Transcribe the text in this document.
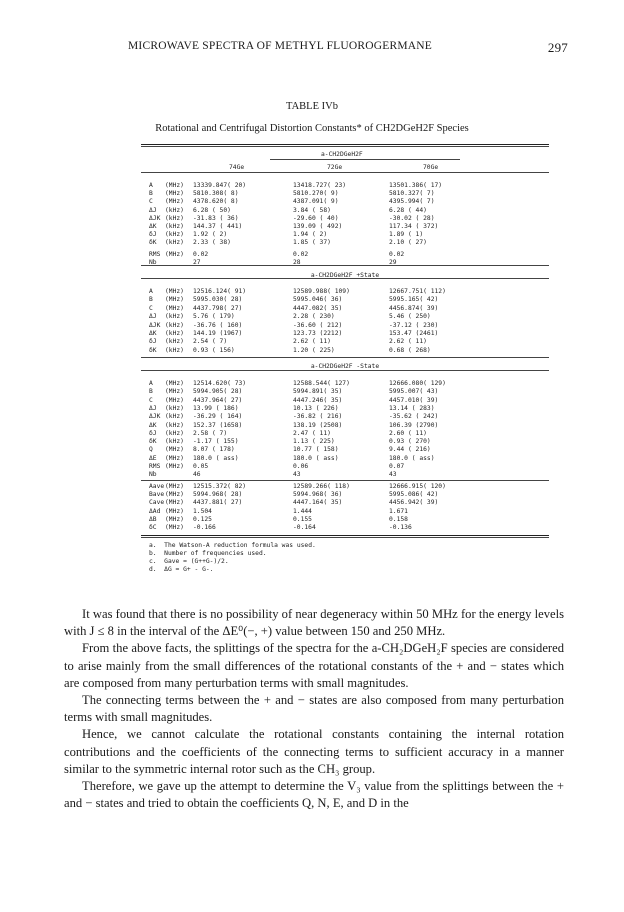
MICROWAVE SPECTRA OF METHYL FLUOROGERMANE	297
TABLE IVb
Rotational and Centrifugal Distortion Constants* of CH2DGeH2F Species
a-CH2DGeH2F
74Ge	72Ge	70Ge
A (MHz) 13339.847( 20)	13418.727( 23)	13501.386( 17)
B (MHz) 5810.308( 8)	5810.270( 9)	5810.327( 7)
C (MHz) 4378.620( 8)	4387.091( 9)	4395.994( 7)
ΔJ (kHz) 6.28 ( 50)	3.84 ( 58)	6.28 ( 44)
ΔJK (kHz) -31.83 ( 36)	-29.60 ( 40)	-30.02 ( 28)
ΔK (kHz) 144.37 ( 441)	139.09 ( 492)	117.34 ( 372)
δJ (kHz) 1.92 ( 2)	1.94 ( 2)	1.89 ( 1)
δK (kHz) 2.33 ( 38)	1.85 ( 37)	2.10 ( 27)
RMS (MHz) 0.02	0.02	0.02
Nb	27	28	29
a-CH2DGeH2F +State
A (MHz) 12516.124( 91)	12589.988( 109)	12667.751( 112)
B (MHz) 5995.030( 28)	5995.046( 36)	5995.165( 42)
C (MHz) 4437.798( 27)	4447.082( 35)	4456.874( 39)
ΔJ (kHz) 5.76 ( 179)	2.28 ( 230)	5.46 ( 250)
ΔJK (kHz) -36.76 ( 160)	-36.60 ( 212)	-37.12 ( 230)
ΔK (kHz) 144.19 (1967)	123.73 (2212)	153.47 (2461)
δJ (kHz) 2.54 ( 7)	2.62 ( 11)	2.62 ( 11)
δK (kHz) 0.93 ( 156)	1.20 ( 225)	0.68 ( 268)
a-CH2DGeH2F -State
A (MHz) 12514.620( 73)	12588.544( 127)	12666.080( 129)
B (MHz) 5994.905( 28)	5994.891( 35)	5995.007( 43)
C (MHz) 4437.964( 27)	4447.246( 35)	4457.010( 39)
ΔJ (kHz) 13.99 ( 186)	10.13 ( 226)	13.14 ( 283)
ΔJK (kHz) -36.29 ( 164)	-36.82 ( 216)	-35.62 ( 242)
ΔK (kHz) 152.37 (1658)	138.19 (2508)	106.39 (2790)
δJ (kHz) 2.58 ( 7)	2.47 ( 11)	2.60 ( 11)
δK (kHz) -1.17 ( 155)	1.13 ( 225)	0.93 ( 270)
Q (MHz) 8.07 ( 178)	10.77 ( 158)	9.44 ( 216)
ΔE (MHz) 180.0 ( ass)	180.0 ( ass)	180.0 ( ass)
RMS (MHz) 0.05	0.06	0.07
Nb	46	43	43
Aave (MHz) 12515.372( 82)	12589.266( 118)	12666.915( 120)
Bave (MHz) 5994.968( 28)	5994.968( 36)	5995.086( 42)
Cave (MHz) 4437.881( 27)	4447.164( 35)	4456.942( 39)
ΔAd (MHz) 1.504	1.444	1.671
ΔB (MHz) 0.125	0.155	0.158
δC (MHz) -0.166	-0.164	-0.136
a.  The Watson-A reduction formula was used.
b.  Number of frequencies used.
c.  Gave = (G++G-)/2.
d.  ΔG = G+ - G-.

It was found that there is no possibility of near degeneracy within 50 MHz for the energy levels with J ≤ 8 in the interval of the ΔE⁰(−, +) value between 150 and 250 MHz.

From the above facts, the splittings of the spectra for the a-CH₂DGeH₂F species are considered to arise mainly from the small differences of the rotational constants of the + and − states which are composed from many perturbation terms with small magnitudes.

The connecting terms between the + and − states are also composed from many perturbation terms with small magnitudes.

Hence, we cannot calculate the rotational constants containing the internal rotation contributions and the coefficients of the connecting terms to sufficient accuracy in a manner similar to the symmetric internal rotor such as the CH₃ group.

Therefore, we gave up the attempt to determine the V₃ value from the splittings between the + and − states and tried to obtain the coefficients Q, N, E, and D in the
